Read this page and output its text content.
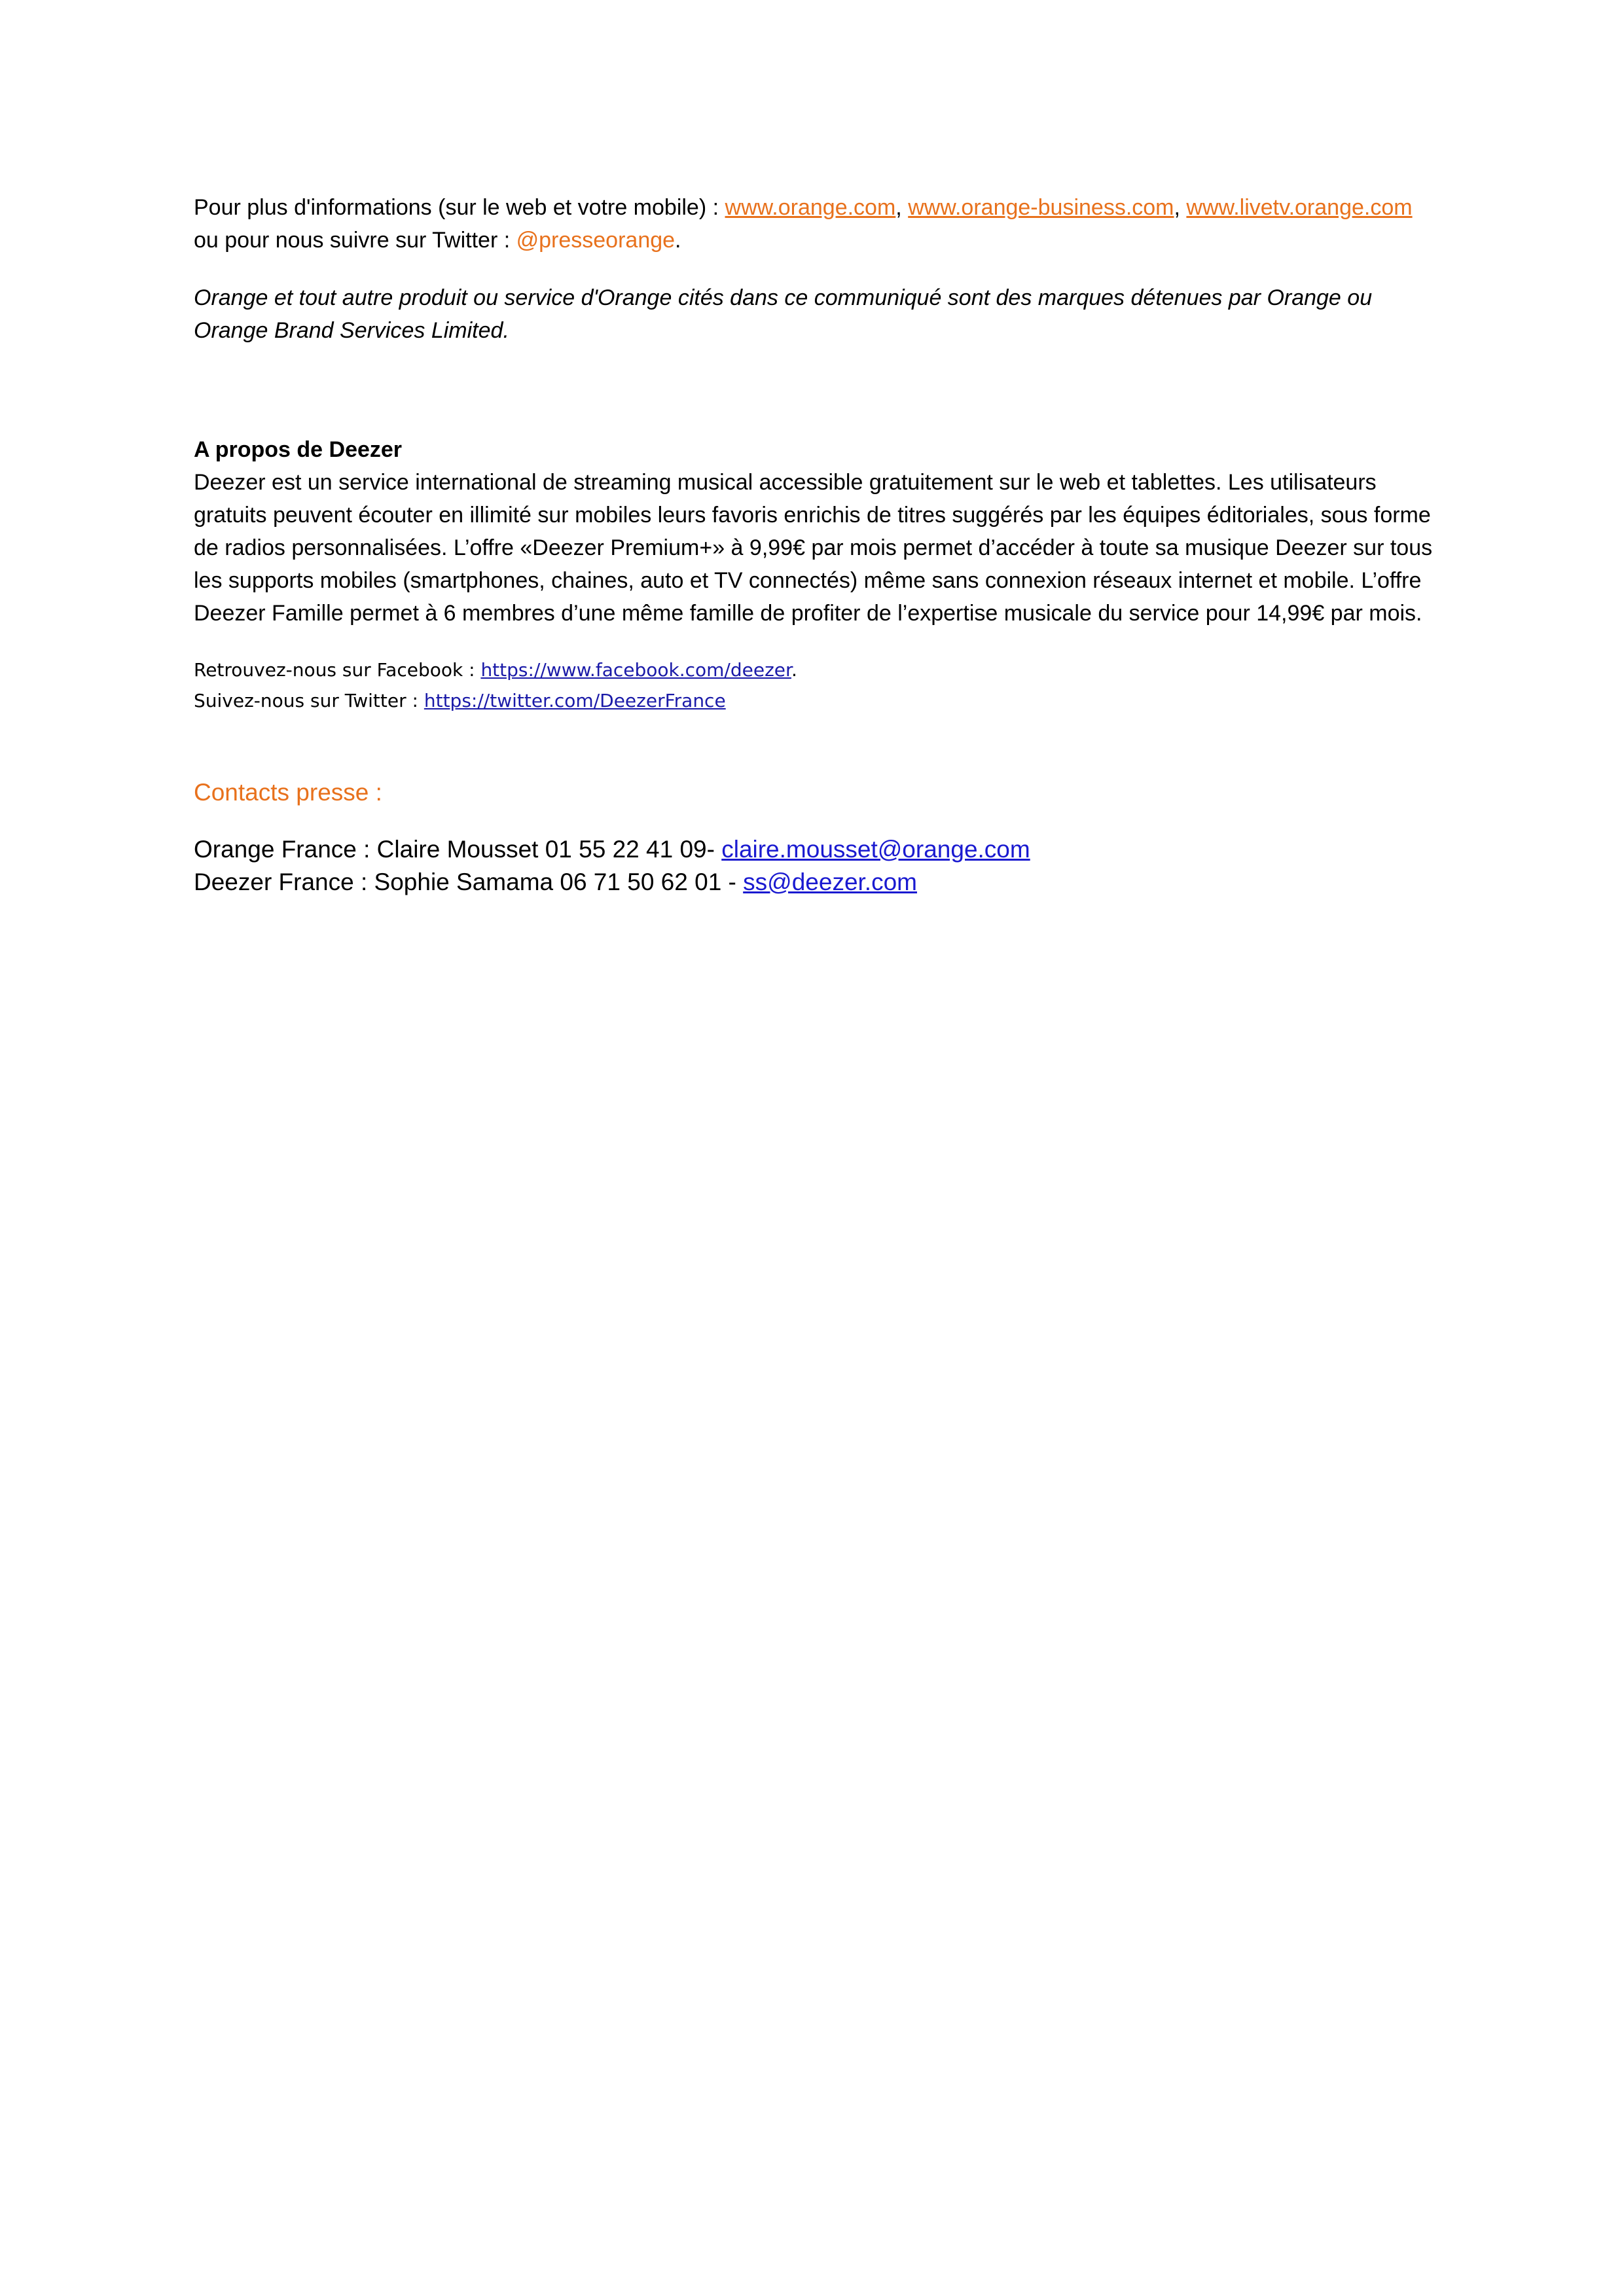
Pour plus d'informations (sur le web et votre mobile) : www.orange.com, www.orange-business.com, www.livetv.orange.com
ou pour nous suivre sur Twitter : @presseorange.

Orange et tout autre produit ou service d'Orange cités dans ce communiqué sont des marques détenues par Orange ou
Orange Brand Services Limited.

A propos de Deezer

Deezer est un service international de streaming musical accessible gratuitement sur le web et tablettes. Les utilisateurs
gratuits peuvent écouter en illimité sur mobiles leurs favoris enrichis de titres suggérés par les équipes éditoriales, sous forme
de radios personnalisées. L’offre «Deezer Premium+» à 9,99€ par mois permet d’accéder à toute sa musique Deezer sur tous
les supports mobiles (smartphones, chaines, auto et TV connectés) même sans connexion réseaux internet et mobile. L’offre
Deezer Famille permet à 6 membres d’une même famille de profiter de l’expertise musicale du service pour 14,99€ par mois.

Retrouvez-nous sur Facebook : https://www.facebook.com/deezer.
Suivez-nous sur Twitter : https://twitter.com/DeezerFrance

Contacts presse :

Orange France : Claire Mousset 01 55 22 41 09- claire.mousset@orange.com

Deezer France : Sophie Samama 06 71 50 62 01 - ss@deezer.com
